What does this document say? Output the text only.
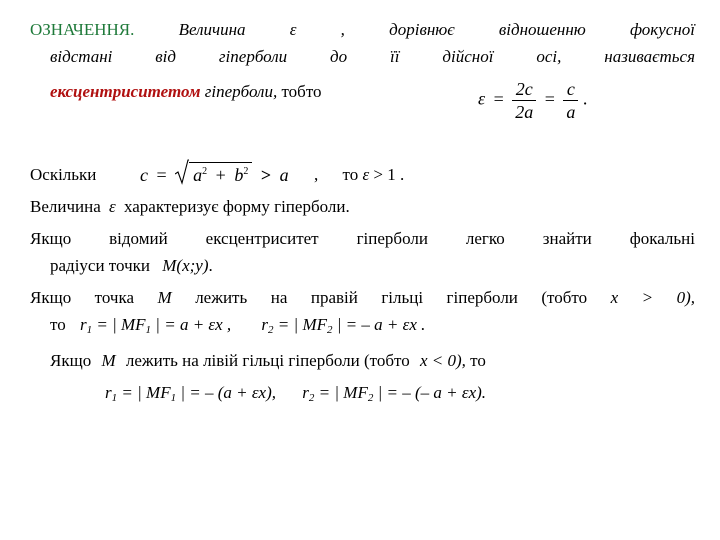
ОЗНАЧЕННЯ.	Величина	ε	, дорівнює відношенню фокусної
відстані від гіперболи до її дійсної осі, називається
ексцентриситетом гіперболи, тобто	$\varepsilon = \frac{2c}{2a} = \frac{c}{a}$ .
Оскільки $c = a^2 + b^2 > a$ , то ε > 1 .
Величина ε характеризує форму гіперболи.
Якщо відомий ексцентриситет гіперболи легко знайти фокальні
радіуси точки M(x;y).
Якщо точка M лежить на правій гільці гіперболи (тобто x > 0),
то $r_1$ = | $MF_1$ | = a + εx , $r_2$ = | $MF_2$ | = – a + εx .
Якщо M лежить на лівій гільці гіперболи (тобто x < 0), то
$r_1$ = | $MF_1$ | = – (a + εx), $r_2$ = | $MF_2$ | = – (– a + εx).
